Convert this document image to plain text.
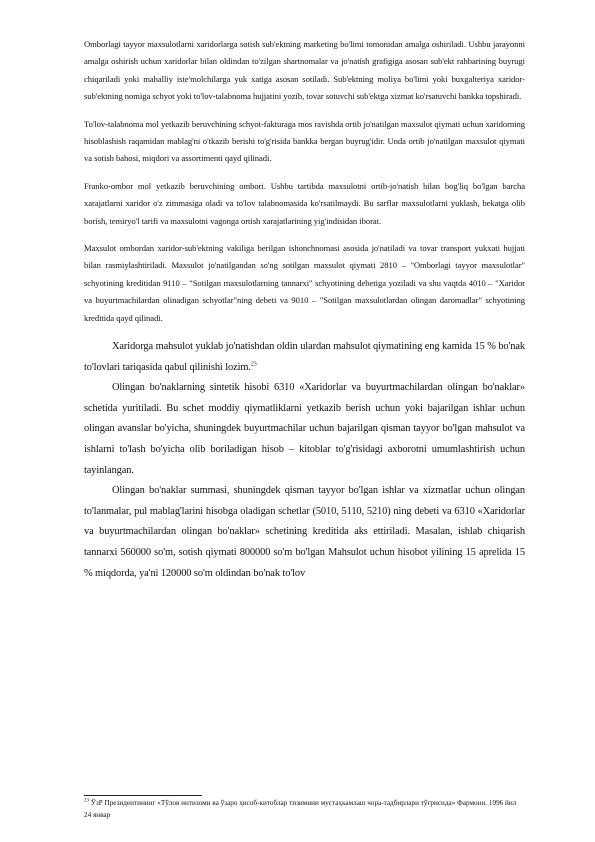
Omborlagi tayyor maxsulotlarni xaridorlarga sotish sub'ektning marketing bo'limi tomonidan amalga oshiriladi. Ushbu jarayonni amalga oshirish uchun xaridorlar bilan oldindan to'zilgan shartnomalar va jo'natish grafigiga asosan sub'ekt rahbarining buyrugi chiqariladi yoki mahalliy iste'molchilarga yuk xatiga asosan sotiladi. Sub'ektning moliya bo'limi yoki buxgalteriya xaridor-sub'ektning nomiga schyot yoki to'lov-talabnoma hujjatini yozib, tovar sotuvchi sub'ektga xizmat ko'rsatuvchi bankka topshiradi.

To'lov-talabnoma mol yetkazib beruvchining schyot-fakturaga mos ravishda ortib jo'natilgan maxsulot qiymati uchun xaridorning hisoblashish raqamidan mablag'ni o'tkazib berishi to'g'risida bankka bergan buyrug'idir. Unda ortib jo'natilgan maxsulot qiymati va sotish bahosi, miqdori va assortimenti qayd qilinadi.

Franko-ombor mol yetkazib beruvchining ombori. Ushbu tartibda maxsulotni ortib-jo'natish bilan bog'liq bo'lgan barcha xarajatlarni xaridor o'z zimmasiga oladi va to'lov talabnomasida ko'rsatilmaydi. Bu sarflar maxsulotlarni yuklash, bekatga olib borish, temiryo'l tarifi va maxsulotni vagonga ortish xarajatlarining yig'indisidan iborat.

Maxsulot ombordan xaridor-sub'ektning vakiliga berilgan ishonchnomasi asosida jo'natiladi va tovar transport yukxati hujjati bilan rasmiylashtiriladi. Maxsulot jo'natilgandan so'ng sotilgan maxsulot qiymati 2810 – "Omborlagi tayyor maxsulotlar" schyotining kreditidan 9110 – "Sotilgan maxsulotlarning tannarxi" schyotining debetiga yoziladi va shu vaqtda 4010 – "Xaridor va buyurtmachilardan olinadigan schyotlar"ning debeti va 9010 – "Sotilgan maxsulotlardan olingan daromadlar" schyotining kreditida qayd qilinadi.

Xaridorga mahsulot yuklab jo'natishdan oldin ulardan mahsulot qiymatining eng kamida 15 % bo'nak to'lovlari tariqasida qabul qilinishi lozim.$^{23}$

Olingan bo'naklarning sintetik hisobi 6310 «Xaridorlar va buyurtmachilardan olingan bo'naklar» schetida yuritiladi. Bu schet moddiy qiymatliklarni yetkazib berish uchun yoki bajarilgan ishlar uchun olingan avanslar bo'yicha, shuningdek buyurtmachilar uchun bajarilgan qisman tayyor bo'lgan mahsulot va ishlarni to'lash bo'yicha olib boriladigan hisob – kitoblar to'g'risidagi axborotni umumlashtirish uchun tayinlangan.

Olingan bo'naklar summasi, shuningdek qisman tayyor bo'lgan ishlar va xizmatlar uchun olingan to'lanmalar, pul mablag'larini hisobga oladigan schetlar (5010, 5110, 5210) ning debeti va 6310 «Xaridorlar va buyurtmachilardan olingan bo'naklar» schetining kreditida aks ettiriladi. Masalan, ishlab chiqarish tannarxi 560000 so'm, sotish qiymati 800000 so'm bo'lgan Mahsulot uchun hisobot yilining 15 aprelida 15 % miqdorda, ya'ni 120000 so'm oldindan bo'nak to'lov

$^{23}$ ЎзР Президентининг «Тўлов интизоми ва ўзаро ҳисоб-китоблар тизимини мустаҳкамлаш чора-тадбирлари тўғрисида» Фармони. 1996 йил 24 январ
